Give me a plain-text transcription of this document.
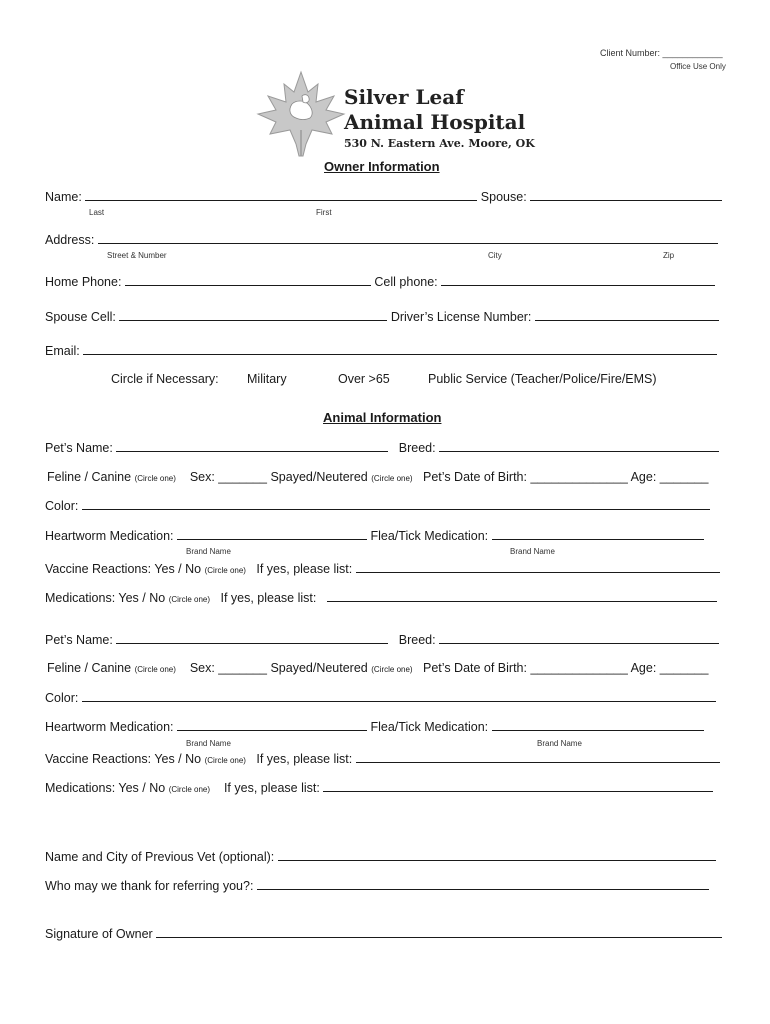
Client Number: ____________
Office Use Only
Silver Leaf
Animal Hospital
530 N. Eastern Ave. Moore, OK
Owner Information
Name:	Spouse:
Last	First
Address:
Street & Number	City	Zip
Home Phone:	Cell phone:
Spouse Cell:	Driver’s License Number:
Email:
Circle if Necessary: Military	Over >65	Public Service (Teacher/Police/Fire/EMS)
Animal Information
Pet’s Name:	Breed:
Feline / Canine (Circle one) Sex: _______ Spayed/Neutered (Circle one) Pet’s Date of Birth: ______________ Age: _______
Color:
Heartworm Medication:	Flea/Tick Medication:
Brand Name	Brand Name
Vaccine Reactions: Yes / No (Circle one) If yes, please list:
Medications: Yes / No (Circle one) If yes, please list:
Pet’s Name:	Breed:
Feline / Canine (Circle one) Sex: _______ Spayed/Neutered (Circle one) Pet’s Date of Birth: ______________ Age: _______
Color:
Heartworm Medication:	Flea/Tick Medication:
Brand Name	Brand Name
Vaccine Reactions: Yes / No (Circle one) If yes, please list:
Medications: Yes / No (Circle one) If yes, please list:
Name and City of Previous Vet (optional):
Who may we thank for referring you?:
Signature of Owner
